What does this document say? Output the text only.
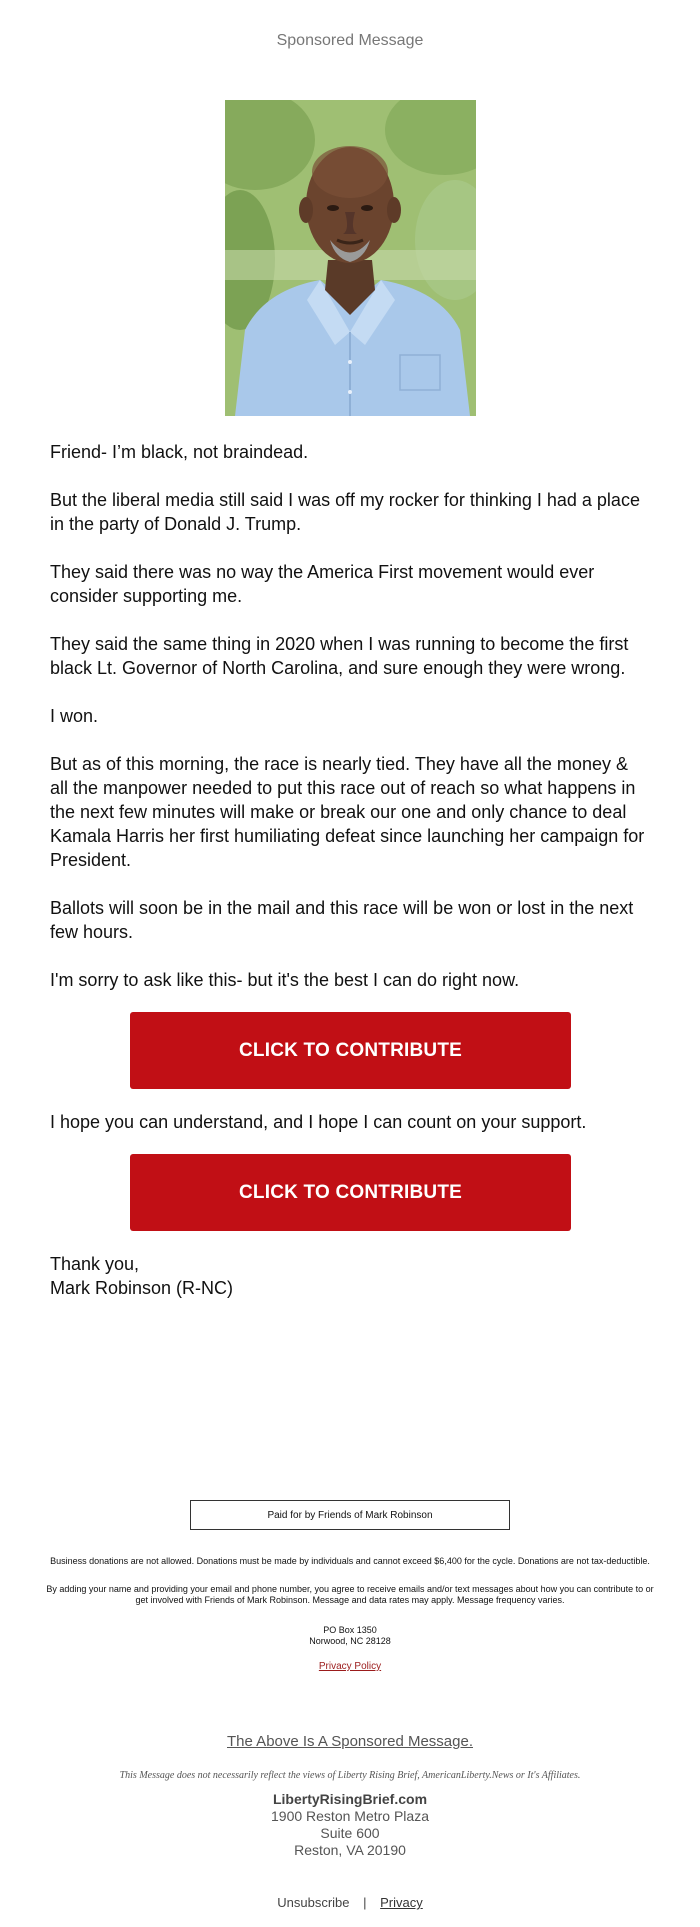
Sponsored Message

Friend- I’m black, not braindead.

But the liberal media still said I was off my rocker for thinking I had a place in the party of Donald J. Trump.

They said there was no way the America First movement would ever consider supporting me.

They said the same thing in 2020 when I was running to become the first black Lt. Governor of North Carolina, and sure enough they were wrong.

I won.

But as of this morning, the race is nearly tied. They have all the money & all the manpower needed to put this race out of reach so what happens in the next few minutes will make or break our one and only chance to deal Kamala Harris her first humiliating defeat since launching her campaign for President.

Ballots will soon be in the mail and this race will be won or lost in the next few hours.

I'm sorry to ask like this- but it's the best I can do right now.

CLICK TO CONTRIBUTE
I hope you can understand, and I hope I can count on your support.
CLICK TO CONTRIBUTE
Thank you,
Mark Robinson (R-NC)
Paid for by Friends of Mark Robinson
Business donations are not allowed. Donations must be made by individuals and cannot exceed $6,400 for the cycle. Donations are not tax-deductible.
By adding your name and providing your email and phone number, you agree to receive emails and/or text messages about how you can contribute to or get involved with Friends of Mark Robinson. Message and data rates may apply. Message frequency varies.
PO Box 1350
Norwood, NC 28128
Privacy Policy
The Above Is A Sponsored Message.
This Message does not necessarily reflect the views of Liberty Rising Brief, AmericanLiberty.News or It's Affiliates.
LibertyRisingBrief.com
1900 Reston Metro Plaza
Suite 600
Reston, VA 20190
Unsubscribe | Privacy
